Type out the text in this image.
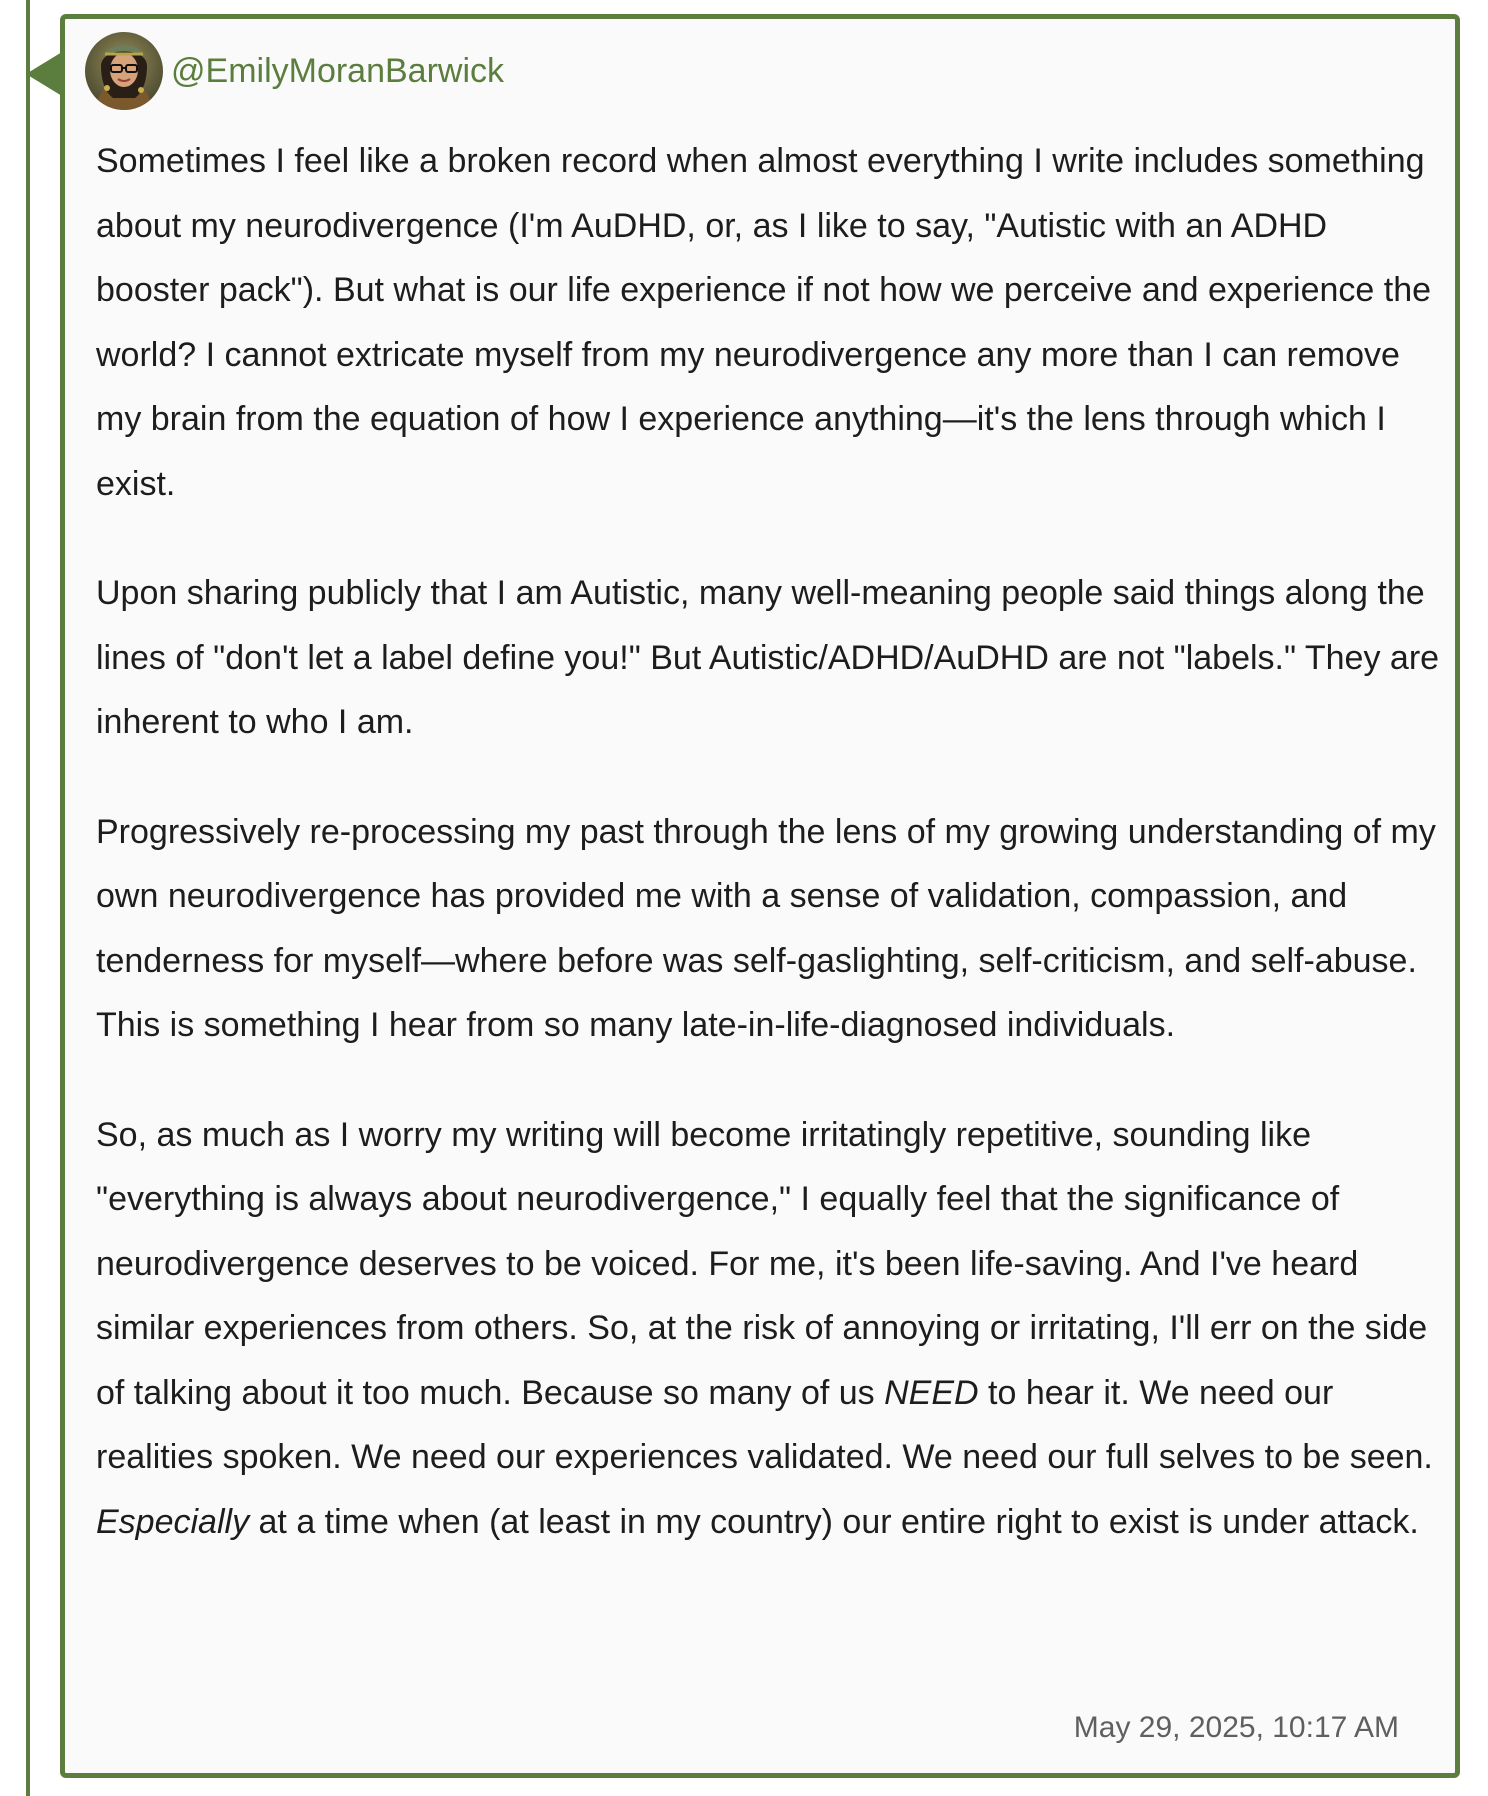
@EmilyMoranBarwick

Sometimes I feel like a broken record when almost everything I write includes something about my neurodivergence (I'm AuDHD, or, as I like to say, "Autistic with an ADHD booster pack"). But what is our life experience if not how we perceive and experience the world? I cannot extricate myself from my neurodivergence any more than I can remove my brain from the equation of how I experience anything—it's the lens through which I exist.

Upon sharing publicly that I am Autistic, many well-meaning people said things along the lines of "don't let a label define you!" But Autistic/ADHD/AuDHD are not "labels." They are inherent to who I am.

Progressively re-processing my past through the lens of my growing understanding of my own neurodivergence has provided me with a sense of validation, compassion, and tenderness for myself—where before was self-gaslighting, self-criticism, and self-abuse. This is something I hear from so many late-in-life-diagnosed individuals.

So, as much as I worry my writing will become irritatingly repetitive, sounding like "everything is always about neurodivergence," I equally feel that the significance of neurodivergence deserves to be voiced. For me, it's been life-saving. And I've heard similar experiences from others. So, at the risk of annoying or irritating, I'll err on the side of talking about it too much. Because so many of us NEED to hear it. We need our realities spoken. We need our experiences validated. We need our full selves to be seen. Especially at a time when (at least in my country) our entire right to exist is under attack.

May 29, 2025, 10:17 AM
